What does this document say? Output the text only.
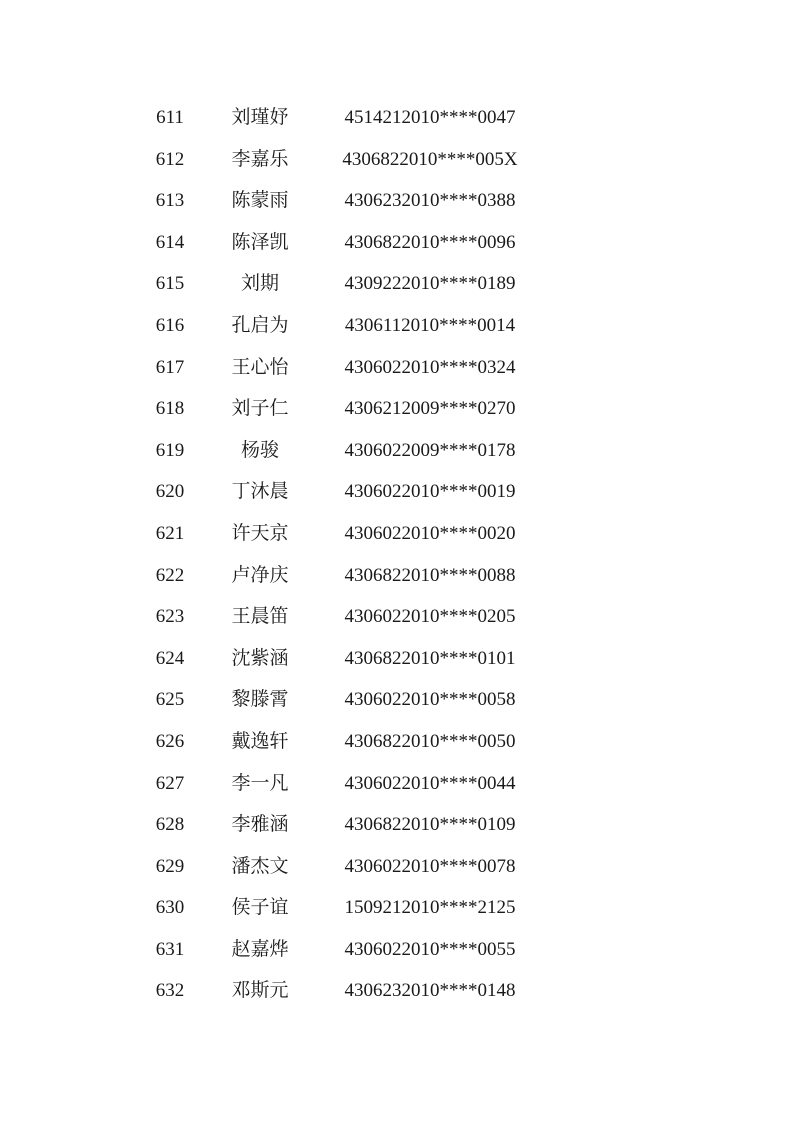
611	刘瑾妤	4514212010****0047
612	李嘉乐	4306822010****005X
613	陈蒙雨	4306232010****0388
614	陈泽凯	4306822010****0096
615	刘期	4309222010****0189
616	孔启为	4306112010****0014
617	王心怡	4306022010****0324
618	刘子仁	4306212009****0270
619	杨骏	4306022009****0178
620	丁沐晨	4306022010****0019
621	许天京	4306022010****0020
622	卢净庆	4306822010****0088
623	王晨笛	4306022010****0205
624	沈紫涵	4306822010****0101
625	黎滕霄	4306022010****0058
626	戴逸轩	4306822010****0050
627	李一凡	4306022010****0044
628	李雅涵	4306822010****0109
629	潘杰文	4306022010****0078
630	侯子谊	1509212010****2125
631	赵嘉烨	4306022010****0055
632	邓斯元	4306232010****0148
